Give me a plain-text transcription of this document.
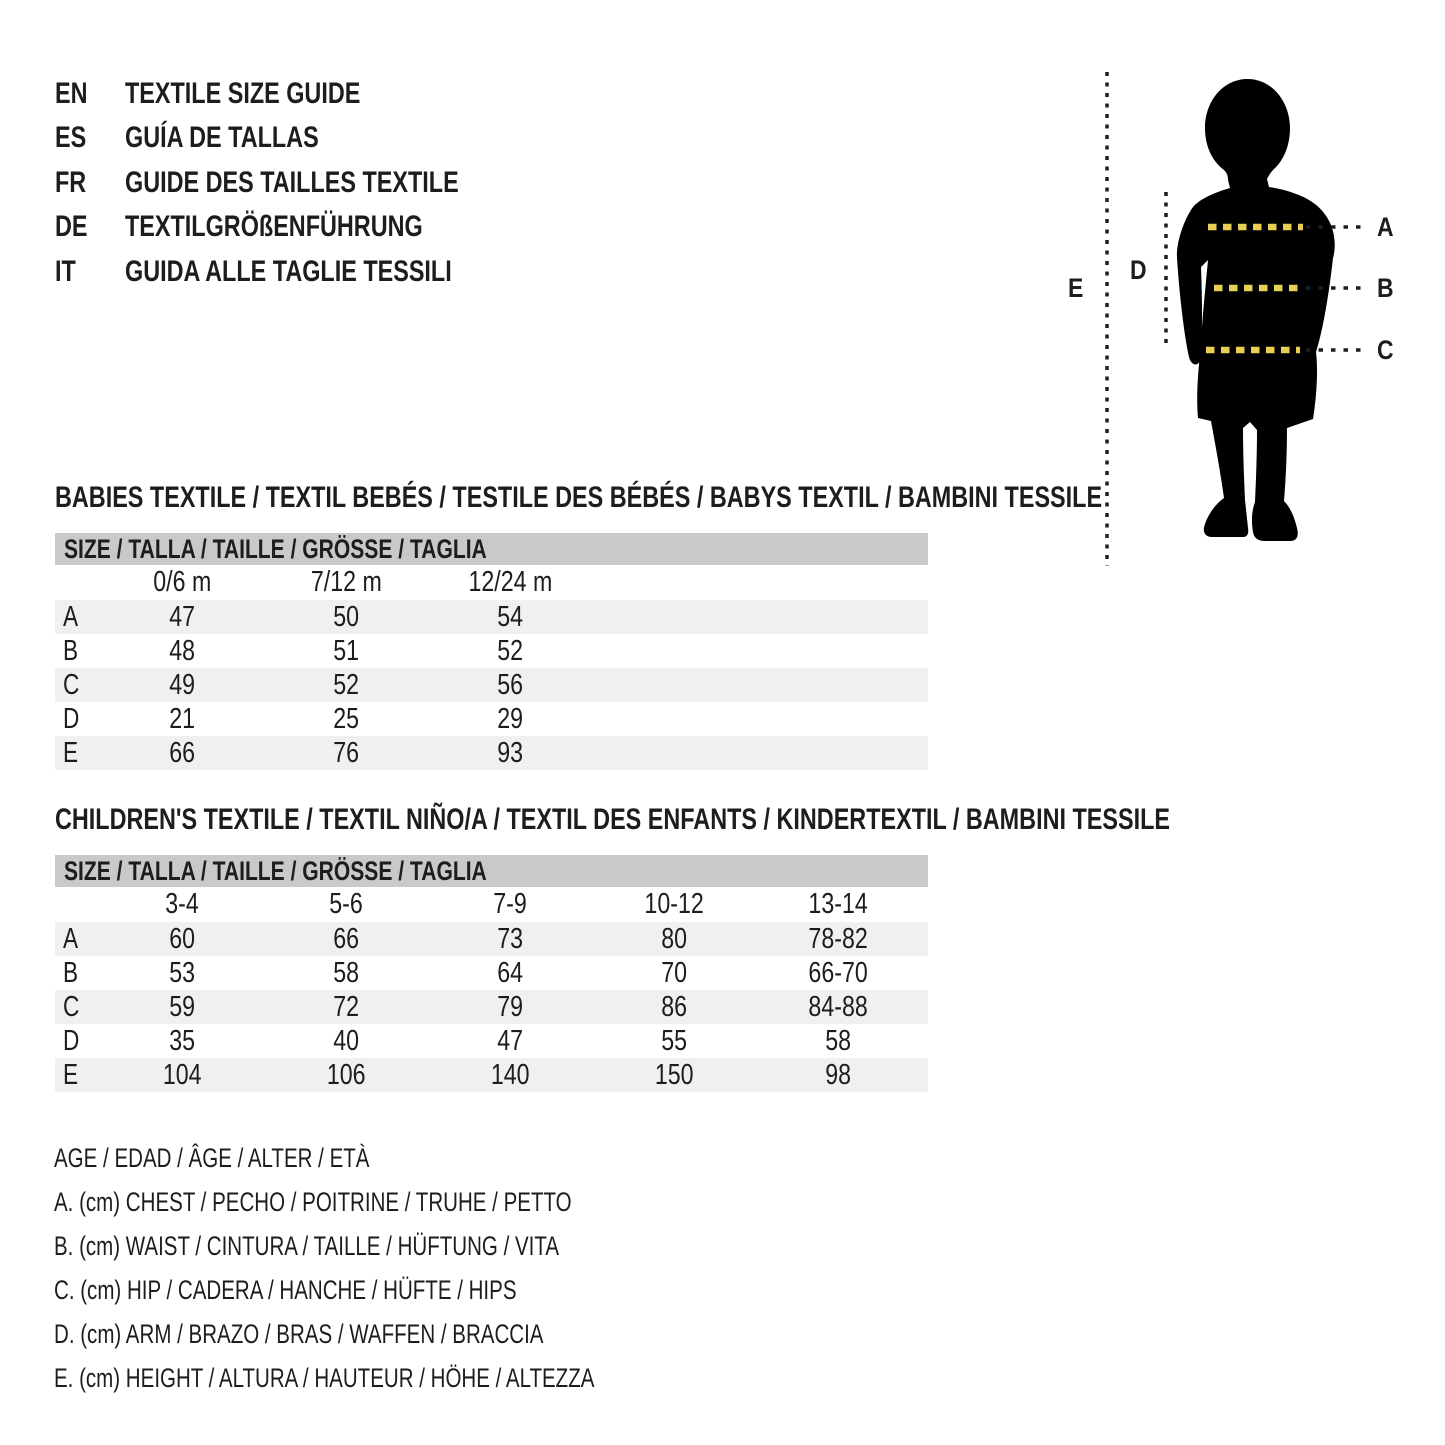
EN	TEXTILE SIZE GUIDE
ES GUÍA DE TALLAS
FR GUIDE DES TAILLES TEXTILE
DE	TEXTILGRÖßENFÜHRUNG
IT GUIDA ALLE TAGLIE TESSILI
A
B
C
D
E
BABIES TEXTILE / TEXTIL BEBÉS / TESTILE DES BÉBÉS / BABYS TEXTIL / BAMBINI TESSILE
SIZE / TALLA / TAILLE / GRÖSSE / TAGLIA
0/6 m	7/12 m	12/24 m
A	47	50	54
B	48	51	52
C	49	52	56
D	21	25	29
E	66	76	93
CHILDREN'S TEXTILE / TEXTIL NIÑO/A / TEXTIL DES ENFANTS / KINDERTEXTIL / BAMBINI TESSILE
SIZE / TALLA / TAILLE / GRÖSSE / TAGLIA
3-4	5-6	7-9	10-12	13-14
A	60	66	73	80	78-82
B	53	58	64	70	66-70
C	59	72	79	86	84-88
D	35	40	47	55	58
E	104	106	140	150	98
AGE / EDAD / ÂGE / ALTER / ETÀ
A. (cm) CHEST / PECHO / POITRINE / TRUHE / PETTO
B. (cm) WAIST / CINTURA / TAILLE / HÜFTUNG / VITA
C. (cm) HIP / CADERA / HANCHE / HÜFTE / HIPS
D. (cm) ARM / BRAZO / BRAS / WAFFEN / BRACCIA
E. (cm) HEIGHT / ALTURA / HAUTEUR / HÖHE / ALTEZZA
